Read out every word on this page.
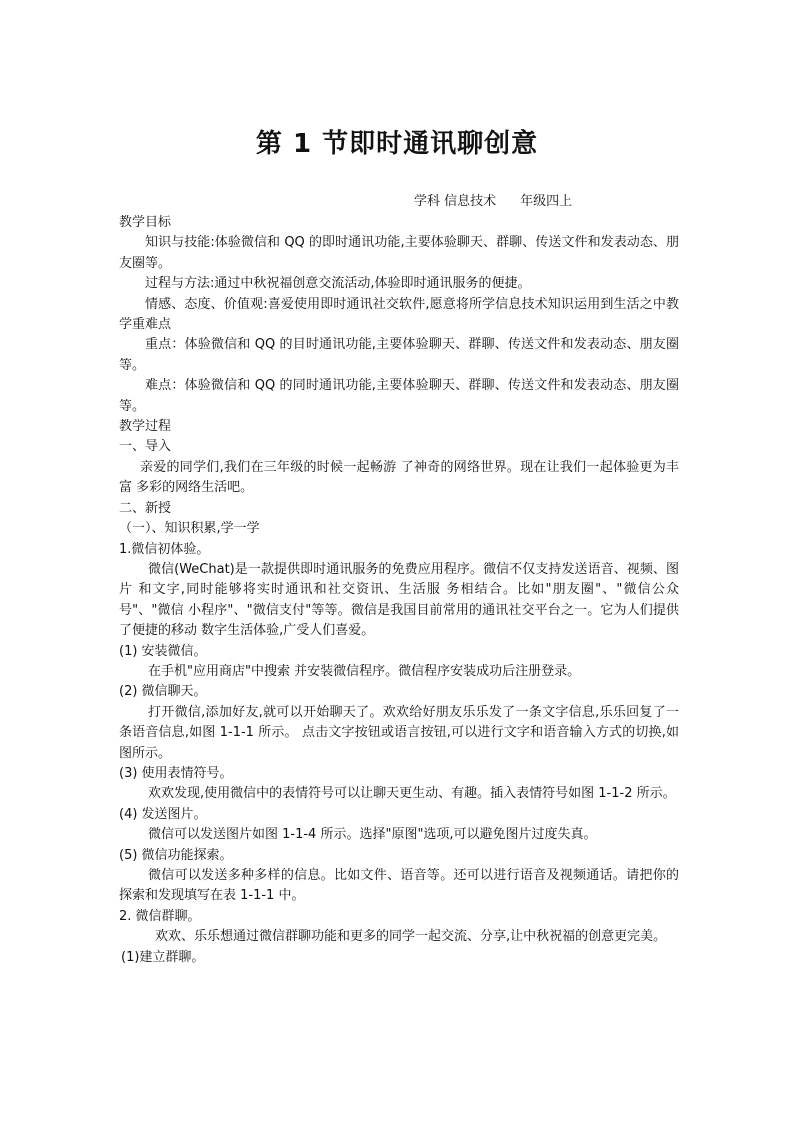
第 1 节即时通讯聊创意
学科 信息技术 年级四上

教学目标

知识与技能:体验微信和 QQ 的即时通讯功能,主要体验聊天、群聊、传送文件和发表动态、朋友圈等。

过程与方法:通过中秋祝福创意交流活动,体验即时通讯服务的便捷。

情感、态度、价值观:喜爱使用即时通讯社交软件,愿意将所学信息技术知识运用到生活之中教学重难点

重点：体验微信和 QQ 的目时通讯功能,主要体验聊天、群聊、传送文件和发表动态、朋友圈 等。

难点：体验微信和 QQ 的同时通讯功能,主要体验聊天、群聊、传送文件和发表动态、朋友圈 等。

教学过程

一、导入

亲爱的同学们,我们在三年级的时候一起畅游 了神奇的网络世界。现在让我们一起体验更为丰富 多彩的网络生活吧。

二、新授

（一）、知识积累,学一学

1.微信初体验。

微信(WeChat)是一款提供即时通讯服务的免费应用程序。微信不仅支持发送语音、视频、图片 和文字,同时能够将实时通讯和社交资讯、生活服 务相结合。比如"朋友圈"、"微信公众号"、"微信 小程序"、"微信支付"等等。微信是我国目前常用的通讯社交平台之一。它为人们提供了便捷的移动 数字生活体验,广受人们喜爱。

(1) 安装微信。

在手机"应用商店"中搜索 并安装微信程序。微信程序安装成功后注册登录。

(2) 微信聊天。

打开微信,添加好友,就可以开始聊天了。欢欢给好朋友乐乐发了一条文字信息,乐乐回复了一条语音信息,如图 1-1-1 所示。 点击文字按钮或语言按钮,可以进行文字和语音输入方式的切换,如图所示。

(3) 使用表情符号。

欢欢发现,使用微信中的表情符号可以让聊天更生动、有趣。插入表情符号如图 1-1-2 所示。

(4) 发送图片。

微信可以发送图片如图 1-1-4 所示。选择"原图"选项,可以避免图片过度失真。

(5) 微信功能探索。

微信可以发送多种多样的信息。比如文件、语音等。还可以进行语音及视频通话。请把你的探索和发现填写在表 1-1-1 中。

2. 微信群聊。

欢欢、乐乐想通过微信群聊功能和更多的同学一起交流、分享,让中秋祝福的创意更完美。

(1)建立群聊。
